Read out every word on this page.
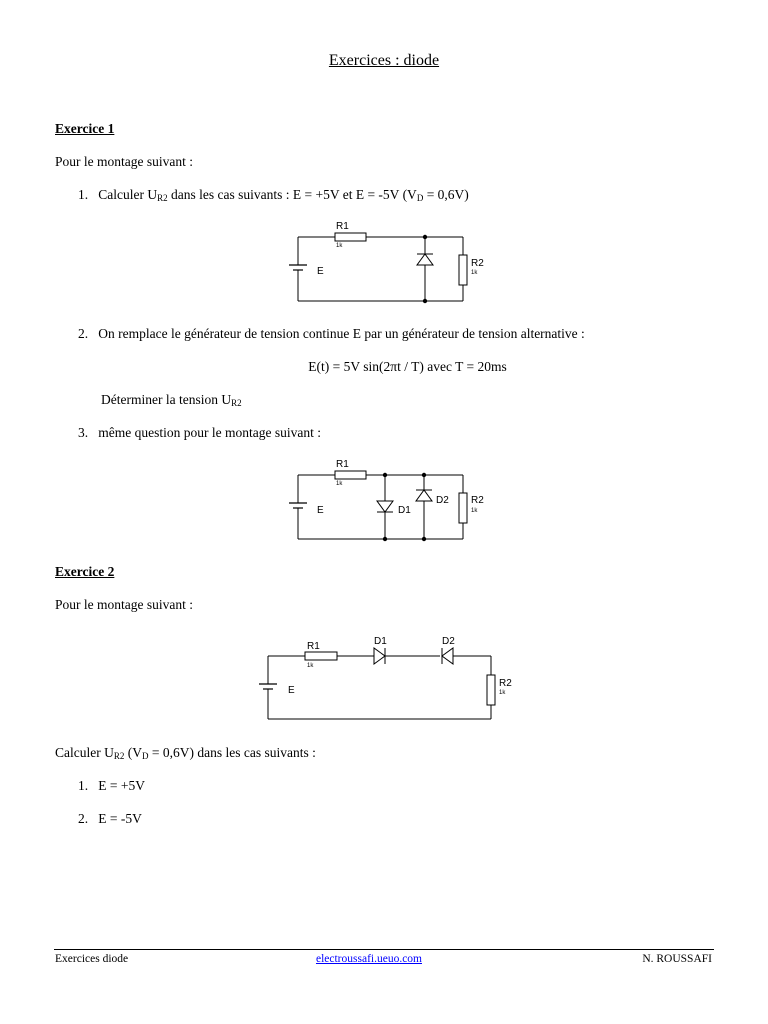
Exercices : diode
Exercice 1
Pour le montage suivant :
1. Calculer $U_{R2}$ dans les cas suivants : E = +5V et E = -5V $(V_D = 0,6V)$
R1
1k
R2
1k
E
2. On remplace le générateur de tension continue E par un générateur de tension alternative :
E(t) = 5V sin(2πt / T) avec T = 20ms
Déterminer la tension $U_{R2}$
3. même question pour le montage suivant :
R1
1k
R2
1k
E	D1
D2
Exercice 2
Pour le montage suivant :
R1
1k
D1	D2
R2
1k
E
Calculer $U_{R2}$ $(V_D = 0,6V)$ dans les cas suivants :
1. E = +5V
2. E = -5V
Exercices diode	electroussafi.ueuo.com	N. ROUSSAFI
